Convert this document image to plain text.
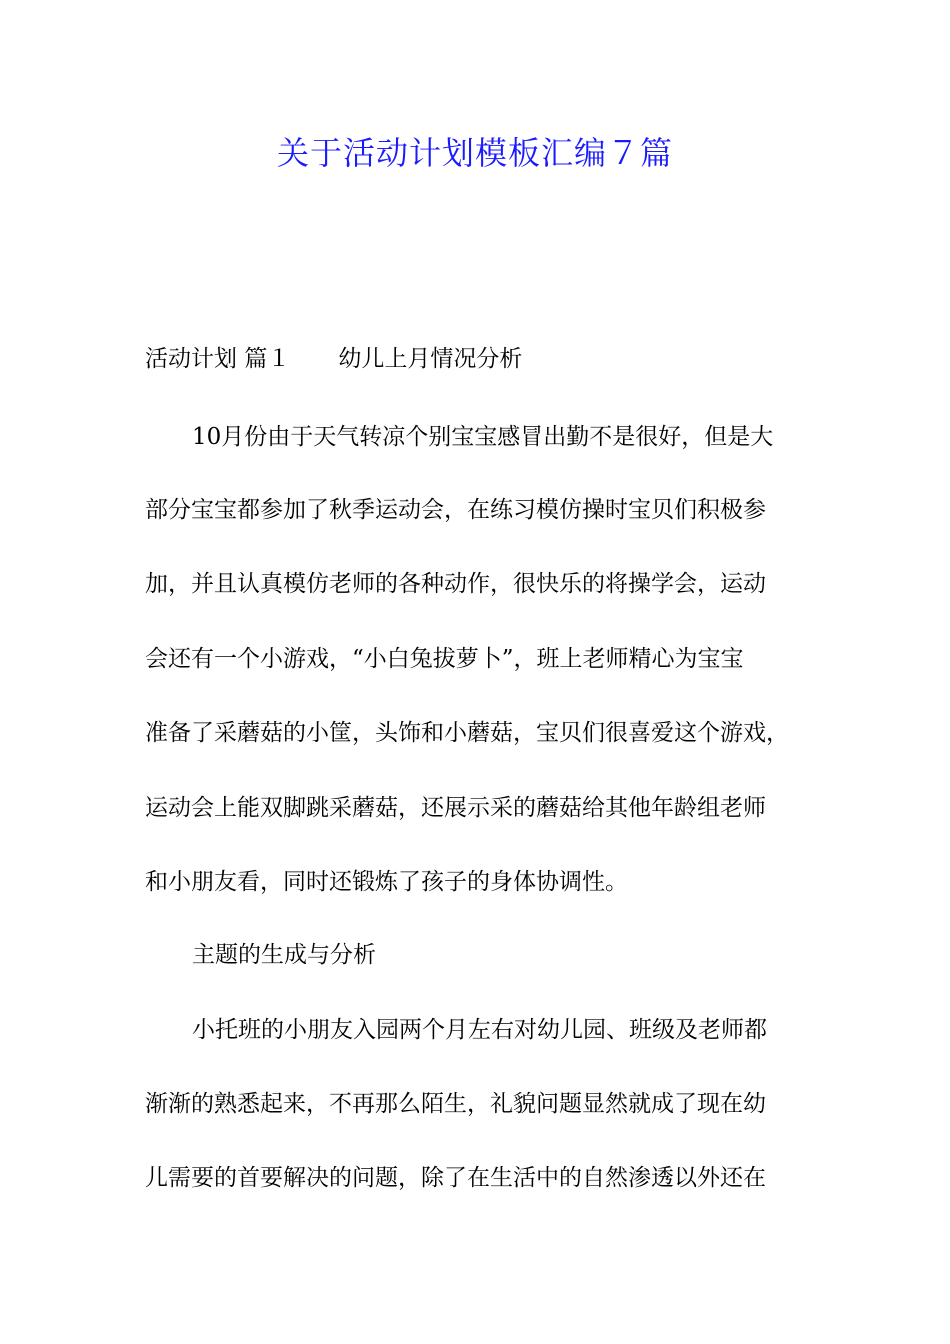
关于活动计划模板汇编７篇

活动计划 篇１ 幼儿上月情况分析

10月份由于天气转凉个别宝宝感冒出勤不是很好，但是大

部分宝宝都参加了秋季运动会，在练习模仿操时宝贝们积极参

加，并且认真模仿老师的各种动作，很快乐的将操学会，运动

会还有一个小游戏，“小白兔拔萝卜”，班上老师精心为宝宝

准备了采蘑菇的小筐，头饰和小蘑菇，宝贝们很喜爱这个游戏，

运动会上能双脚跳采蘑菇，还展示采的蘑菇给其他年龄组老师

和小朋友看，同时还锻炼了孩子的身体协调性。

主题的生成与分析

小托班的小朋友入园两个月左右对幼儿园、班级及老师都

渐渐的熟悉起来，不再那么陌生，礼貌问题显然就成了现在幼

儿需要的首要解决的问题，除了在生活中的自然渗透以外还在
